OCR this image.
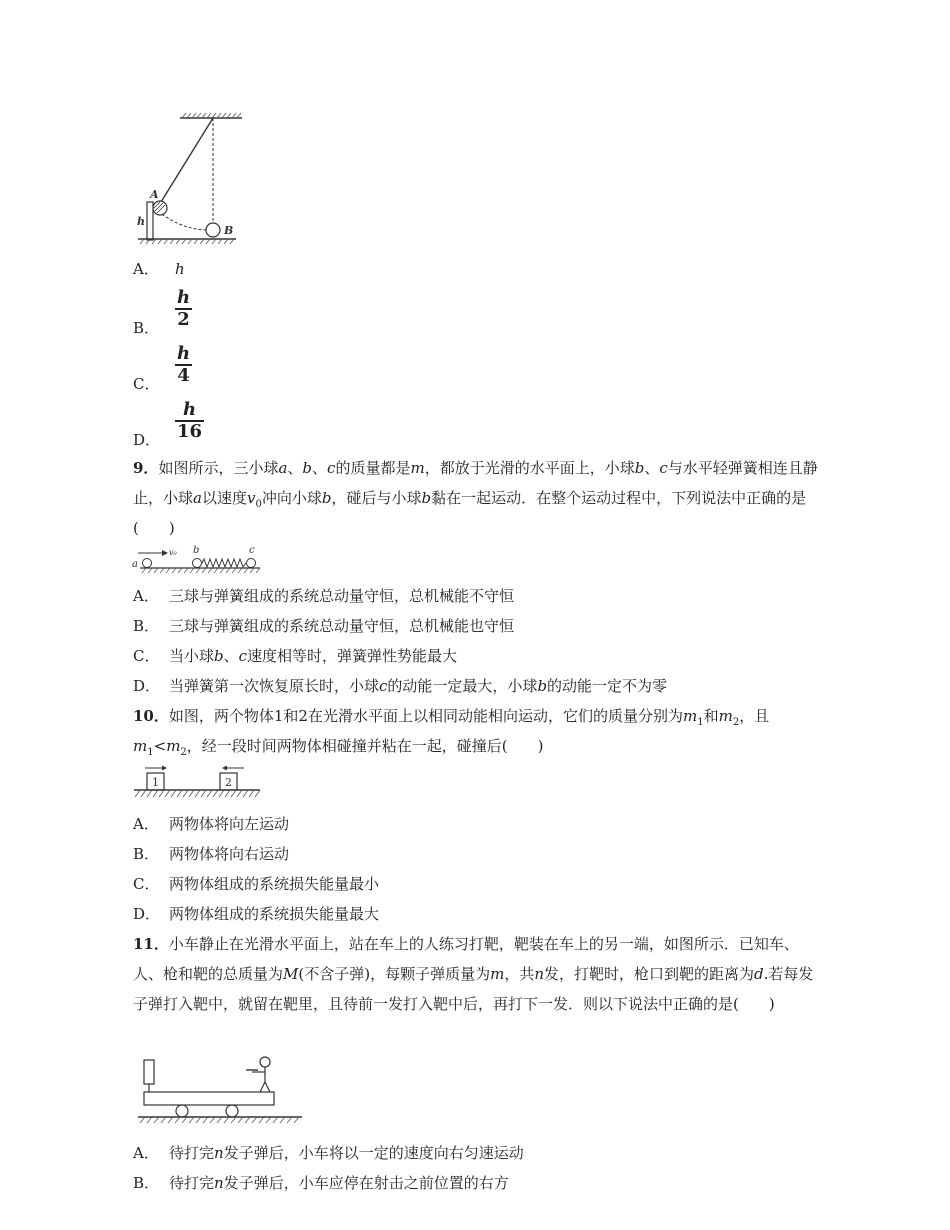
A
B
h
A． h
B． $\frac{h}{2}$
C． $\frac{h}{4}$
D． $\frac{h}{16}$
9．如图所示，三小球a、b、c的质量都是m，都放于光滑的水平面上，小球b、c与水平轻弹簧相连且静止，小球a以速度$v_0$冲向小球b，碰后与小球b黏在一起运动．在整个运动过程中，下列说法中正确的是(　　)
v₀
a
b	c
A． 三球与弹簧组成的系统总动量守恒，总机械能不守恒
B． 三球与弹簧组成的系统总动量守恒，总机械能也守恒
C． 当小球b、c速度相等时，弹簧弹性势能最大
D． 当弹簧第一次恢复原长时，小球c的动能一定最大，小球b的动能一定不为零
10．如图，两个物体1和2在光滑水平面上以相同动能相向运动，它们的质量分别为$m_1$和$m_2$，且$m_1<m_2$，经一段时间两物体相碰撞并粘在一起，碰撞后(　　)
1	2
A． 两物体将向左运动
B． 两物体将向右运动
C． 两物体组成的系统损失能量最小
D． 两物体组成的系统损失能量最大
11．小车静止在光滑水平面上，站在车上的人练习打靶，靶装在车上的另一端，如图所示．已知车、人、枪和靶的总质量为M(不含子弹)，每颗子弹质量为m，共n发，打靶时，枪口到靶的距离为d.若每发子弹打入靶中，就留在靶里，且待前一发打入靶中后，再打下一发．则以下说法中正确的是(　　)
A． 待打完n发子弹后，小车将以一定的速度向右匀速运动
B． 待打完n发子弹后，小车应停在射击之前位置的右方
